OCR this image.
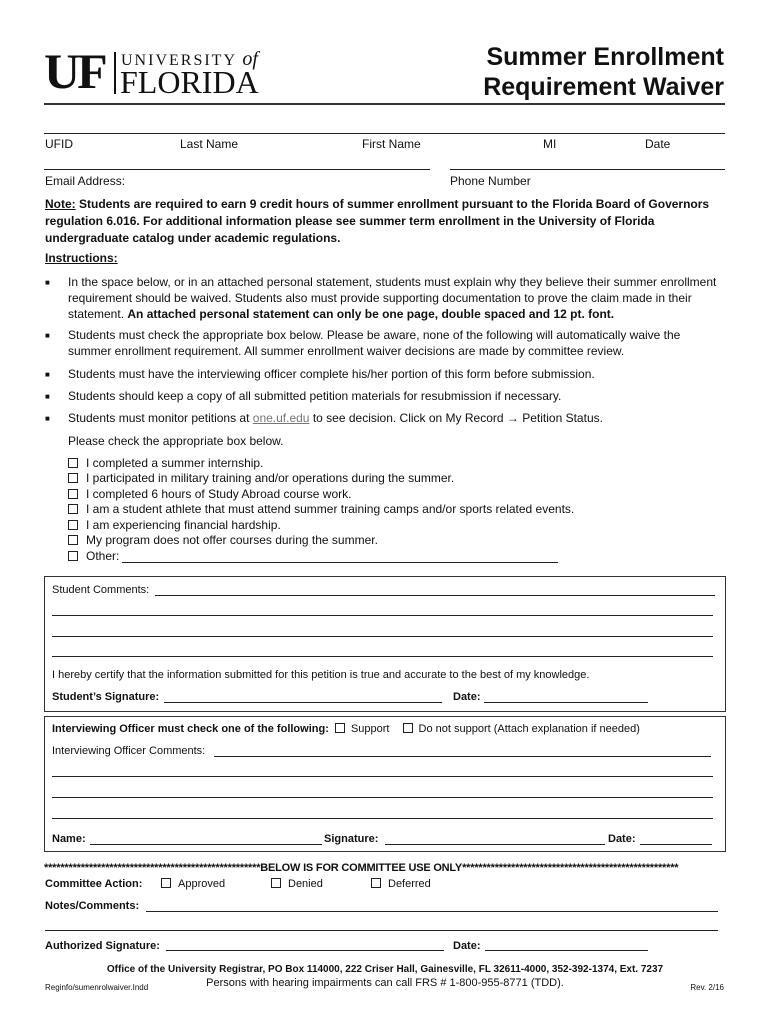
UF UNIVERSITY of
FLORIDA
Summer Enrollment
Requirement Waiver
UFID	Last Name	First Name	MI	Date
Email Address:	Phone Number
Note: Students are required to earn 9 credit hours of summer enrollment pursuant to the Florida Board of Governors regulation 6.016. For additional information please see summer term enrollment in the University of Florida undergraduate catalog under academic regulations.
Instructions:
■ In the space below, or in an attached personal statement, students must explain why they believe their summer enrollment requirement should be waived. Students also must provide supporting documentation to prove the claim made in their statement. An attached personal statement can only be one page, double spaced and 12 pt. font.
■ Students must check the appropriate box below. Please be aware, none of the following will automatically waive the summer enrollment requirement. All summer enrollment waiver decisions are made by committee review.
■ Students must have the interviewing officer complete his/her portion of this form before submission.
■ Students should keep a copy of all submitted petition materials for resubmission if necessary.
■ Students must monitor petitions at one.uf.edu to see decision. Click on My Record → Petition Status.
Please check the appropriate box below.
I completed a summer internship.
I participated in military training and/or operations during the summer.
I completed 6 hours of Study Abroad course work.
I am a student athlete that must attend summer training camps and/or sports related events.
I am experiencing financial hardship.
My program does not offer courses during the summer.
Other:
Student Comments:
I hereby certify that the information submitted for this petition is true and accurate to the best of my knowledge.
Student’s Signature:	Date:
Interviewing Officer must check one of the following: Support	Do not support (Attach explanation if needed)
Interviewing Officer Comments:
Name:	Signature:	Date:
*****************************************************BELOW IS FOR COMMITTEE USE ONLY*****************************************************
Committee Action:	Approved	Denied	Deferred
Notes/Comments:
Authorized Signature:	Date:
Office of the University Registrar, PO Box 114000, 222 Criser Hall, Gainesville, FL 32611-4000, 352-392-1374, Ext. 7237
Reginfo/sumenrolwaiver.Indd	Persons with hearing impairments can call FRS # 1-800-955-8771 (TDD).	Rev. 2/16
